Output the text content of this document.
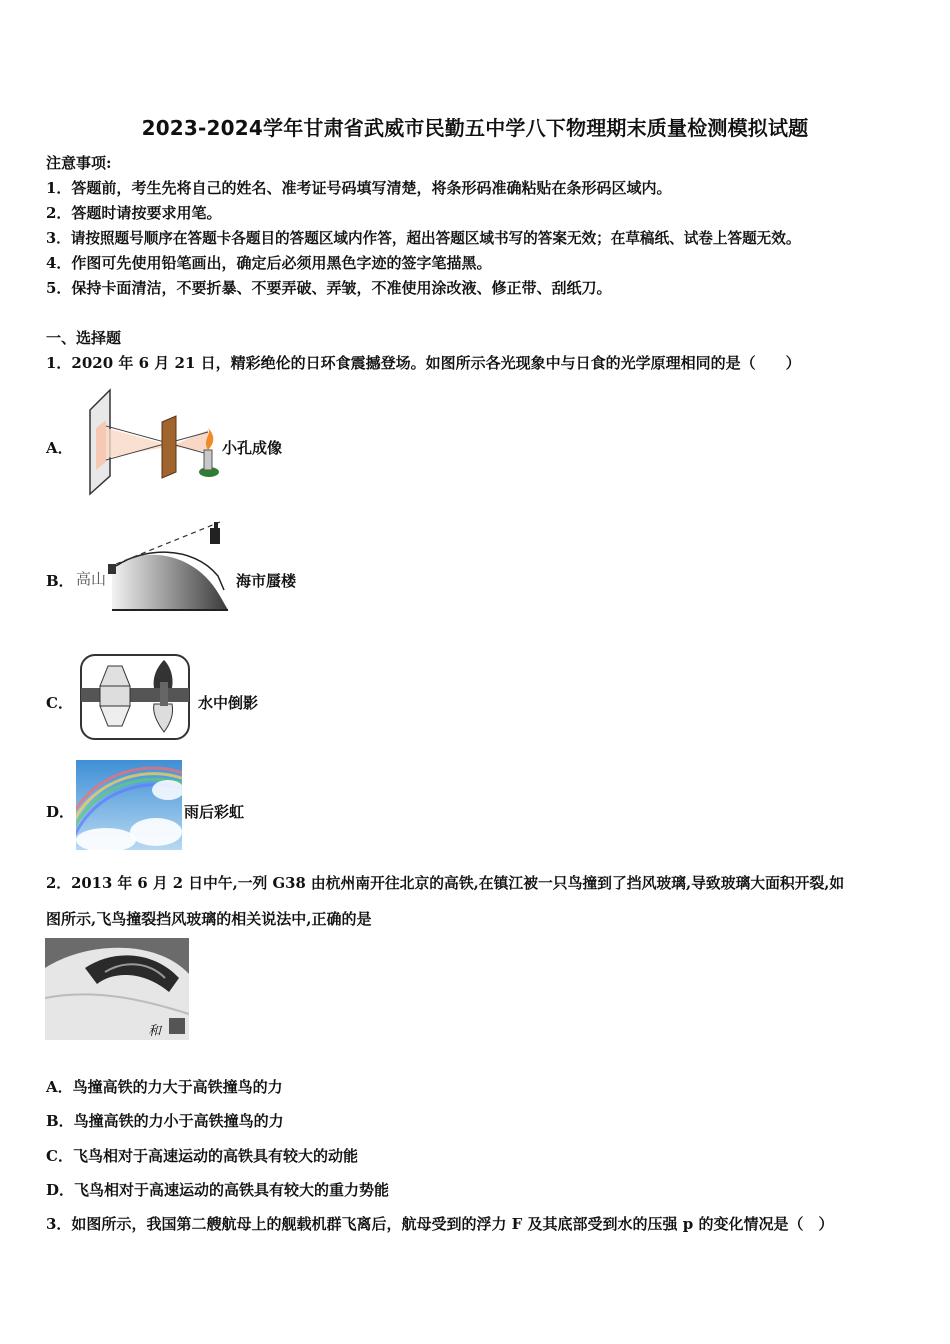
2023-2024学年甘肃省武威市民勤五中学八下物理期末质量检测模拟试题
注意事项:
1．答题前，考生先将自己的姓名、准考证号码填写清楚，将条形码准确粘贴在条形码区域内。
2．答题时请按要求用笔。
3．请按照题号顺序在答题卡各题目的答题区域内作答，超出答题区域书写的答案无效；在草稿纸、试卷上答题无效。
4．作图可先使用铅笔画出，确定后必须用黑色字迹的签字笔描黑。
5．保持卡面清洁，不要折暴、不要弄破、弄皱，不准使用涂改液、修正带、刮纸刀。
一、选择题
1．2020 年 6 月 21 日，精彩绝伦的日环食震撼登场。如图所示各光现象中与日食的光学原理相同的是（　　）
A．	小孔成像
B． 高山	海市蜃楼
C．	水中倒影
D．	雨后彩虹
2．2013 年 6 月 2 日中午,一列 G38 由杭州南开往北京的高铁,在镇江被一只鸟撞到了挡风玻璃,导致玻璃大面积开裂,如
图所示,飞鸟撞裂挡风玻璃的相关说法中,正确的是
和
A．鸟撞高铁的力大于高铁撞鸟的力
B．鸟撞高铁的力小于高铁撞鸟的力
C．飞鸟相对于高速运动的高铁具有较大的动能
D．飞鸟相对于高速运动的高铁具有较大的重力势能
3．如图所示，我国第二艘航母上的舰载机群飞离后，航母受到的浮力 F 及其底部受到水的压强 p 的变化情况是（　）
